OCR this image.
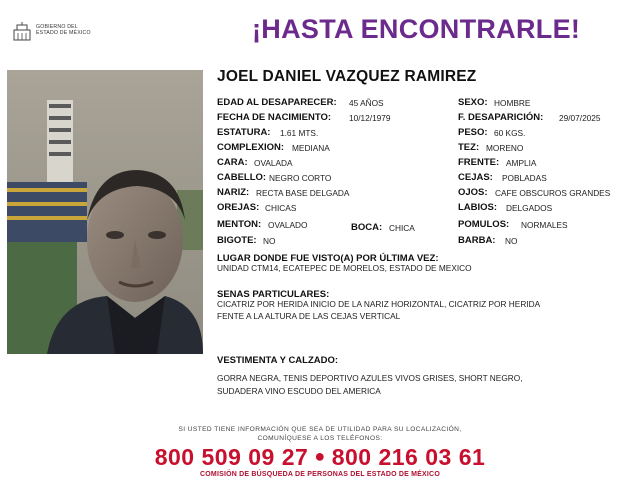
GOBIERNO DEL
ESTADO DE MÉXICO	¡HASTA ENCONTRARLE!
JOEL DANIEL VAZQUEZ RAMIREZ
EDAD AL DESAPARECER: 45 AÑOS
FECHA DE NACIMIENTO: 10/12/1979
ESTATURA: 1.61 MTS.
COMPLEXION: MEDIANA
CARA: OVALADA
CABELLO: NEGRO CORTO
NARIZ: RECTA BASE DELGADA
OREJAS: CHICAS
MENTON: OVALADO	BOCA: CHICA
BIGOTE: NO
SEXO: HOMBRE
F. DESAPARICIÓN: 29/07/2025
PESO: 60 KGS.
TEZ: MORENO
FRENTE: AMPLIA
CEJAS: POBLADAS
OJOS: CAFE OBSCUROS GRANDES
LABIOS: DELGADOS
POMULOS: NORMALES
BARBA: NO
LUGAR DONDE FUE VISTO(A) POR ÚLTIMA VEZ:
UNIDAD CTM14, ECATEPEC DE MORELOS, ESTADO DE MEXICO
SENAS PARTICULARES:
CICATRIZ POR HERIDA INICIO DE LA NARIZ HORIZONTAL, CICATRIZ POR HERIDA
FENTE A LA ALTURA DE LAS CEJAS VERTICAL
VESTIMENTA Y CALZADO:
GORRA NEGRA, TENIS DEPORTIVO AZULES VIVOS GRISES, SHORT NEGRO,
SUDADERA VINO ESCUDO DEL AMERICA
SI USTED TIENE INFORMACIÓN QUE SEA DE UTILIDAD PARA SU LOCALIZACIÓN,
COMUNÍQUESE A LOS TELÉFONOS:
800 509 09 27 ● 800 216 03 61
COMISIÓN DE BÚSQUEDA DE PERSONAS DEL ESTADO DE MÉXICO
